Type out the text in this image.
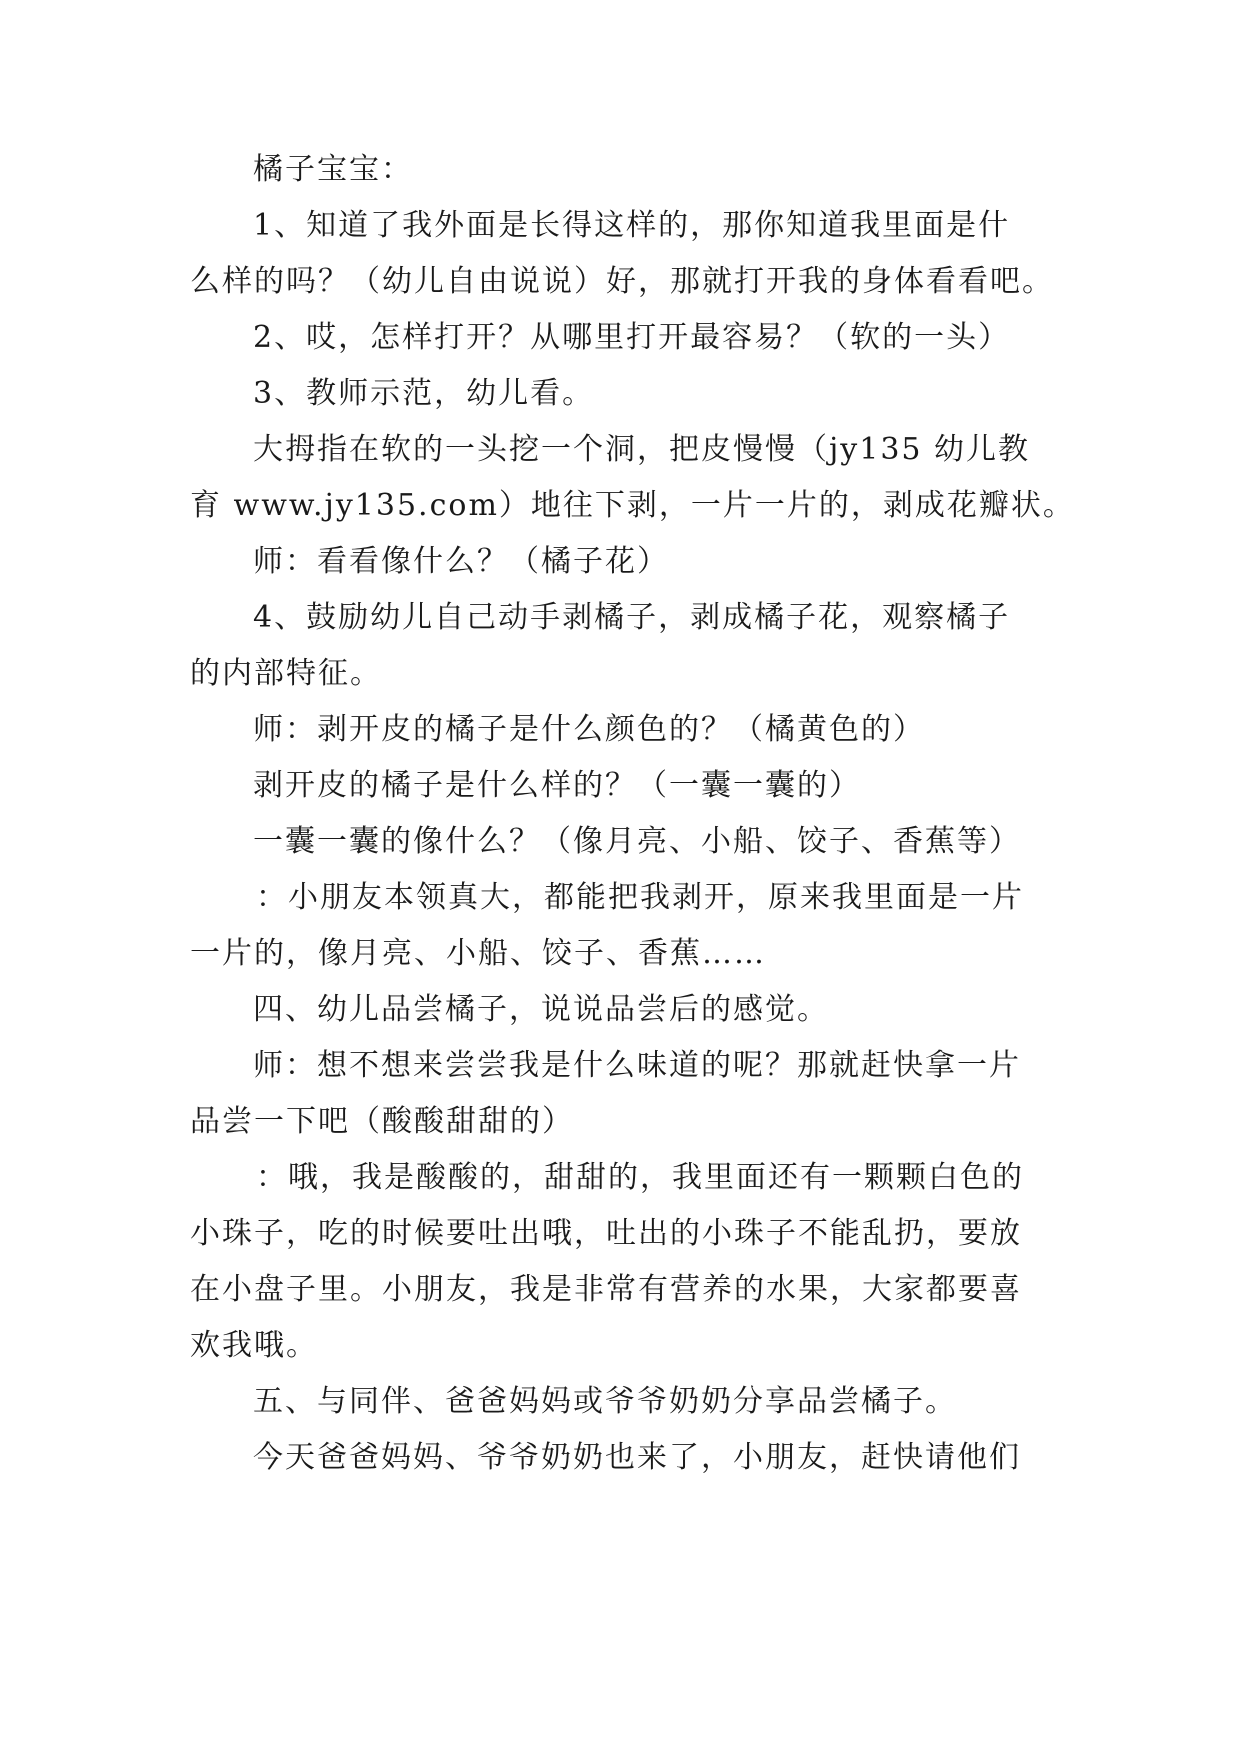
橘子宝宝：
1、知道了我外面是长得这样的，那你知道我里面是什
么样的吗？（幼儿自由说说）好，那就打开我的身体看看吧。
2、哎，怎样打开？从哪里打开最容易？（软的一头）
3、教师示范，幼儿看。
大拇指在软的一头挖一个洞，把皮慢慢（jy135 幼儿教
育 www.jy135.com）地往下剥，一片一片的，剥成花瓣状。
师：看看像什么？（橘子花）
4、鼓励幼儿自己动手剥橘子，剥成橘子花，观察橘子
的内部特征。
师：剥开皮的橘子是什么颜色的？（橘黄色的）
剥开皮的橘子是什么样的？（一囊一囊的）
一囊一囊的像什么？（像月亮、小船、饺子、香蕉等）
：小朋友本领真大，都能把我剥开，原来我里面是一片
一片的，像月亮、小船、饺子、香蕉……
四、幼儿品尝橘子，说说品尝后的感觉。
师：想不想来尝尝我是什么味道的呢？那就赶快拿一片
品尝一下吧（酸酸甜甜的）
：哦，我是酸酸的，甜甜的，我里面还有一颗颗白色的
小珠子，吃的时候要吐出哦，吐出的小珠子不能乱扔，要放
在小盘子里。小朋友，我是非常有营养的水果，大家都要喜
欢我哦。
五、与同伴、爸爸妈妈或爷爷奶奶分享品尝橘子。
今天爸爸妈妈、爷爷奶奶也来了，小朋友，赶快请他们
